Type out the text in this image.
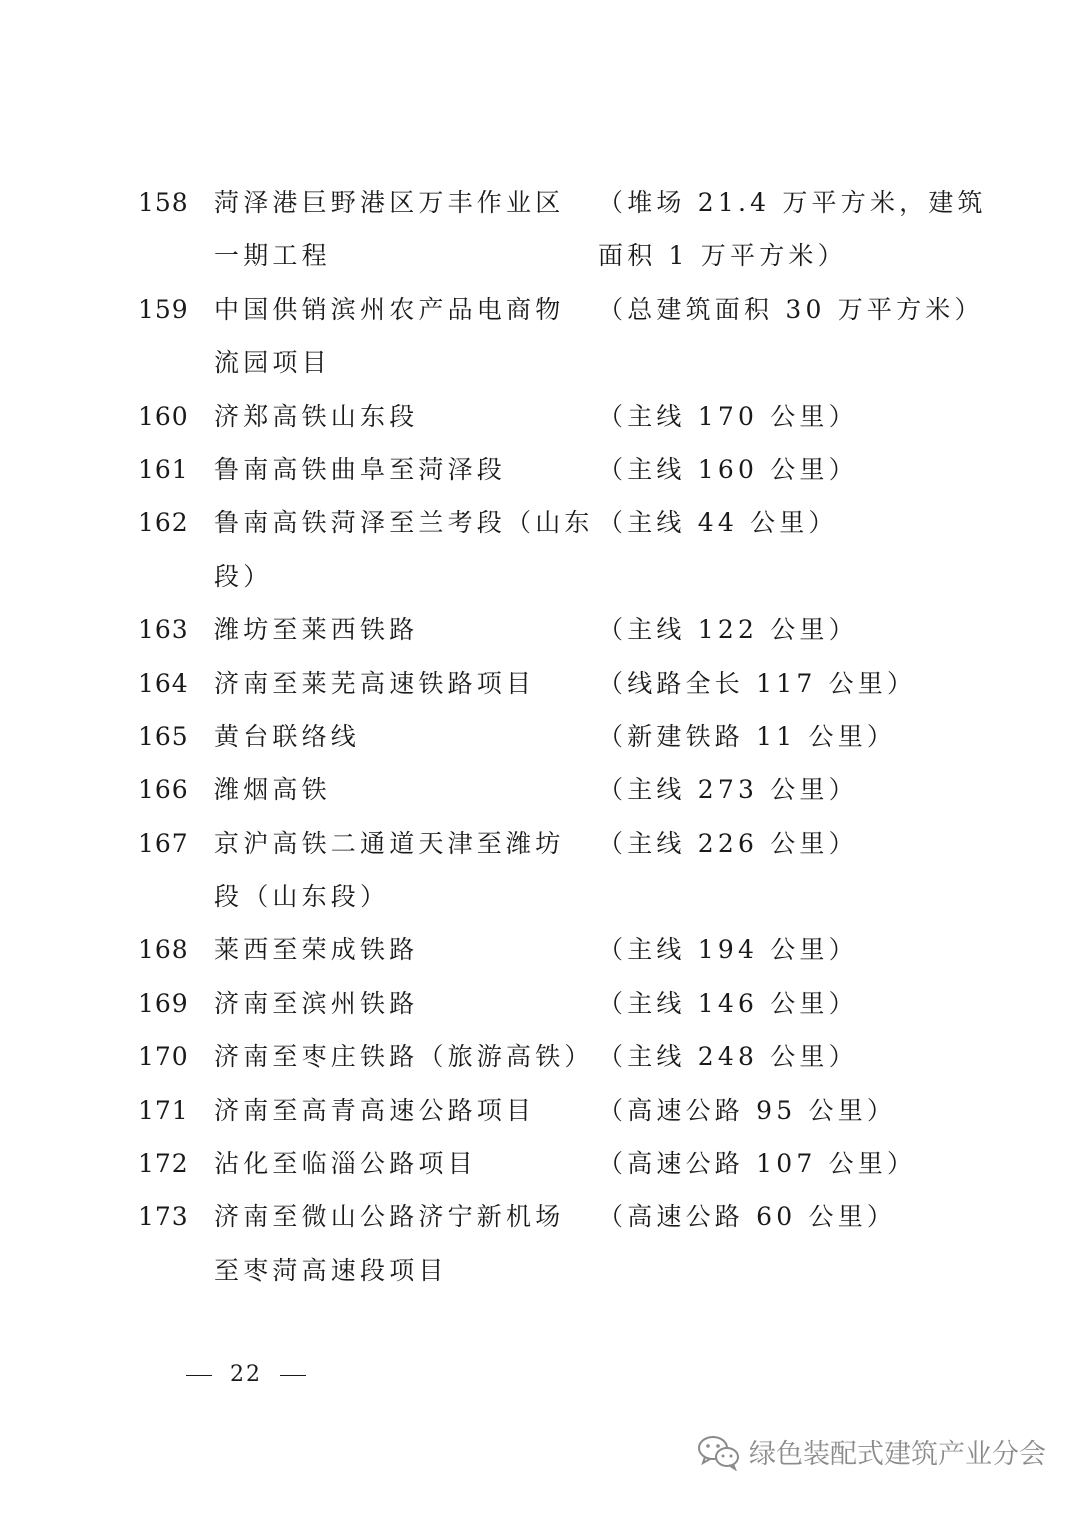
158 菏泽港巨野港区万丰作业区	（堆场 21.4 万平方米，建筑
一期工程	面积 1 万平方米）
159 中国供销滨州农产品电商物	（总建筑面积 30 万平方米）
流园项目
160 济郑高铁山东段	（主线 170 公里）
161 鲁南高铁曲阜至菏泽段	（主线 160 公里）
162 鲁南高铁菏泽至兰考段（山东 （主线 44 公里）
段）
163 潍坊至莱西铁路	（主线 122 公里）
164 济南至莱芜高速铁路项目	（线路全长 117 公里）
165 黄台联络线	（新建铁路 11 公里）
166 潍烟高铁	（主线 273 公里）
167 京沪高铁二通道天津至潍坊	（主线 226 公里）
段（山东段）
168 莱西至荣成铁路	（主线 194 公里）
169 济南至滨州铁路	（主线 146 公里）
170 济南至枣庄铁路（旅游高铁） （主线 248 公里）
171 济南至高青高速公路项目	（高速公路 95 公里）
172 沾化至临淄公路项目	（高速公路 107 公里）
173 济南至微山公路济宁新机场	（高速公路 60 公里）
至枣菏高速段项目
22
绿色装配式建筑产业分会
